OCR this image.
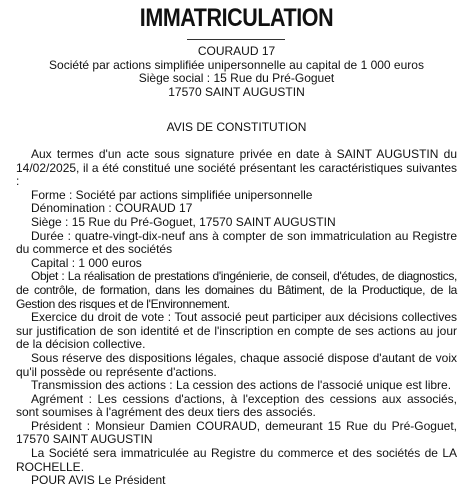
IMMATRICULATION
COURAUD 17
Société par actions simplifiée unipersonnelle au capital de 1 000 euros
Siège social : 15 Rue du Pré-Goguet
17570 SAINT AUGUSTIN
AVIS DE CONSTITUTION

Aux termes d'un acte sous signature privée en date à SAINT AUGUSTIN du 14/02/2025, il a été constitué une société présentant les caractéristiques suivantes :

Forme : Société par actions simplifiée unipersonnelle

Dénomination : COURAUD 17

Siège : 15 Rue du Pré-Goguet, 17570 SAINT AUGUSTIN

Durée : quatre-vingt-dix-neuf ans à compter de son immatriculation au Registre du commerce et des sociétés

Capital : 1 000 euros

Objet : La réalisation de prestations d'ingénierie, de conseil, d'études, de diagnostics, de contrôle, de formation, dans les domaines du Bâtiment, de la Productique, de la Gestion des risques et de l'Environnement.

Exercice du droit de vote : Tout associé peut participer aux décisions collectives sur justification de son identité et de l'inscription en compte de ses actions au jour de la décision collective.

Sous réserve des dispositions légales, chaque associé dispose d'autant de voix qu'il possède ou représente d'actions.

Transmission des actions : La cession des actions de l'associé unique est libre.

Agrément : Les cessions d'actions, à l'exception des cessions aux associés, sont soumises à l'agrément des deux tiers des associés.

Président : Monsieur Damien COURAUD, demeurant 15 Rue du Pré-Goguet, 17570 SAINT AUGUSTIN

La Société sera immatriculée au Registre du commerce et des sociétés de LA ROCHELLE.

POUR AVIS Le Président
